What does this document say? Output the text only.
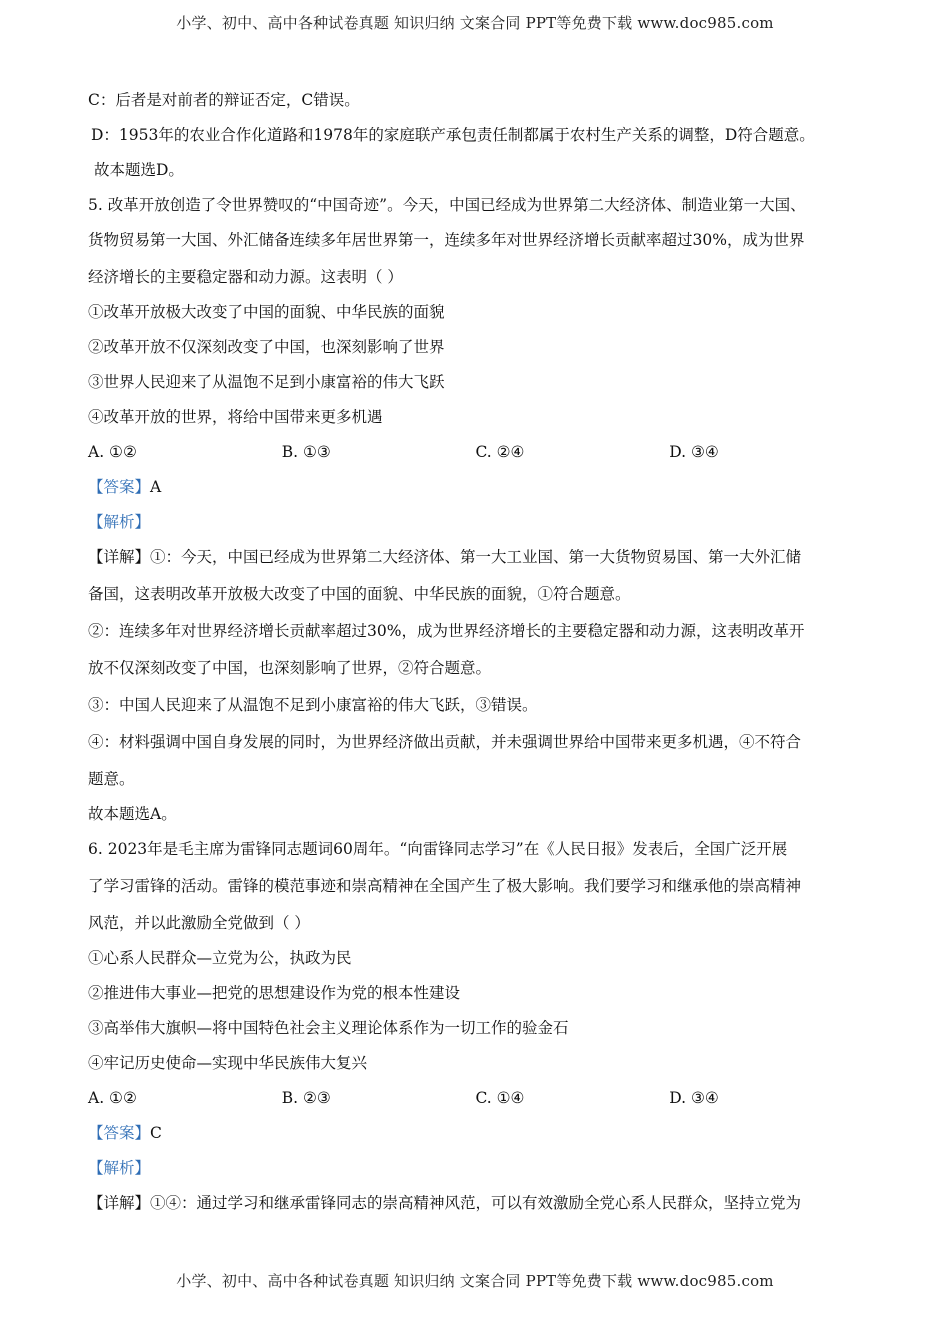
小学、初中、高中各种试卷真题 知识归纳 文案合同 PPT等免费下载 www.doc985.com
C：后者是对前者的辩证否定，C错误。
D：1953年的农业合作化道路和1978年的家庭联产承包责任制都属于农村生产关系的调整，D符合题意。
故本题选D。
5. 改革开放创造了令世界赞叹的“中国奇迹”。今天，中国已经成为世界第二大经济体、制造业第一大国、
货物贸易第一大国、外汇储备连续多年居世界第一，连续多年对世界经济增长贡献率超过30%，成为世界
经济增长的主要稳定器和动力源。这表明（ ）
①改革开放极大改变了中国的面貌、中华民族的面貌
②改革开放不仅深刻改变了中国，也深刻影响了世界
③世界人民迎来了从温饱不足到小康富裕的伟大飞跃
④改革开放的世界，将给中国带来更多机遇
A. ①②	B. ①③	C. ②④	D. ③④
【答案】A
【解析】
【详解】①：今天，中国已经成为世界第二大经济体、第一大工业国、第一大货物贸易国、第一大外汇储
备国，这表明改革开放极大改变了中国的面貌、中华民族的面貌，①符合题意。
②：连续多年对世界经济增长贡献率超过30%，成为世界经济增长的主要稳定器和动力源，这表明改革开
放不仅深刻改变了中国，也深刻影响了世界，②符合题意。
③：中国人民迎来了从温饱不足到小康富裕的伟大飞跃，③错误。
④：材料强调中国自身发展的同时，为世界经济做出贡献，并未强调世界给中国带来更多机遇，④不符合
题意。
故本题选A。
6. 2023年是毛主席为雷锋同志题词60周年。“向雷锋同志学习”在《人民日报》发表后，全国广泛开展
了学习雷锋的活动。雷锋的模范事迹和崇高精神在全国产生了极大影响。我们要学习和继承他的崇高精神
风范，并以此激励全党做到（ ）
①心系人民群众—立党为公，执政为民
②推进伟大事业—把党的思想建设作为党的根本性建设
③高举伟大旗帜—将中国特色社会主义理论体系作为一切工作的验金石
④牢记历史使命—实现中华民族伟大复兴
A. ①②	B. ②③	C. ①④	D. ③④
【答案】C
【解析】
【详解】①④：通过学习和继承雷锋同志的崇高精神风范，可以有效激励全党心系人民群众，坚持立党为
小学、初中、高中各种试卷真题 知识归纳 文案合同 PPT等免费下载 www.doc985.com
